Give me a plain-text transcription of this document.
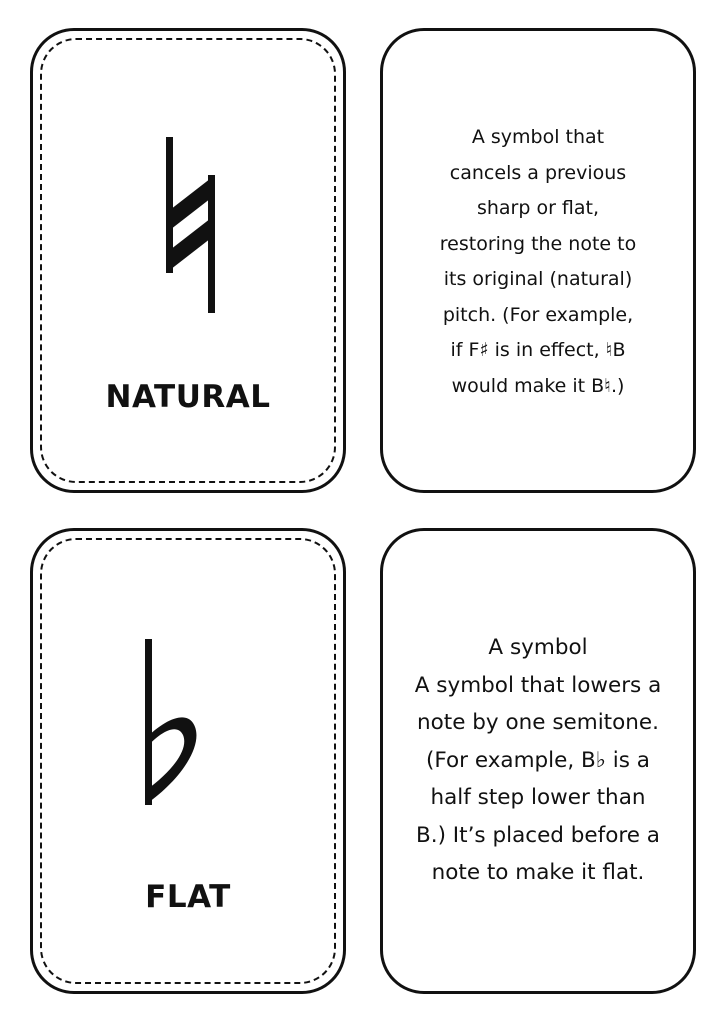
NATURAL
A symbol that
cancels a previous
sharp or flat,
restoring the note to
its original (natural)
pitch. (For example,
if F♯ is in effect, ♮B
would make it B♮.)
FLAT
A symbol
A symbol that lowers a
note by one semitone.
(For example, B♭ is a
half step lower than
B.) It’s placed before a
note to make it flat.
